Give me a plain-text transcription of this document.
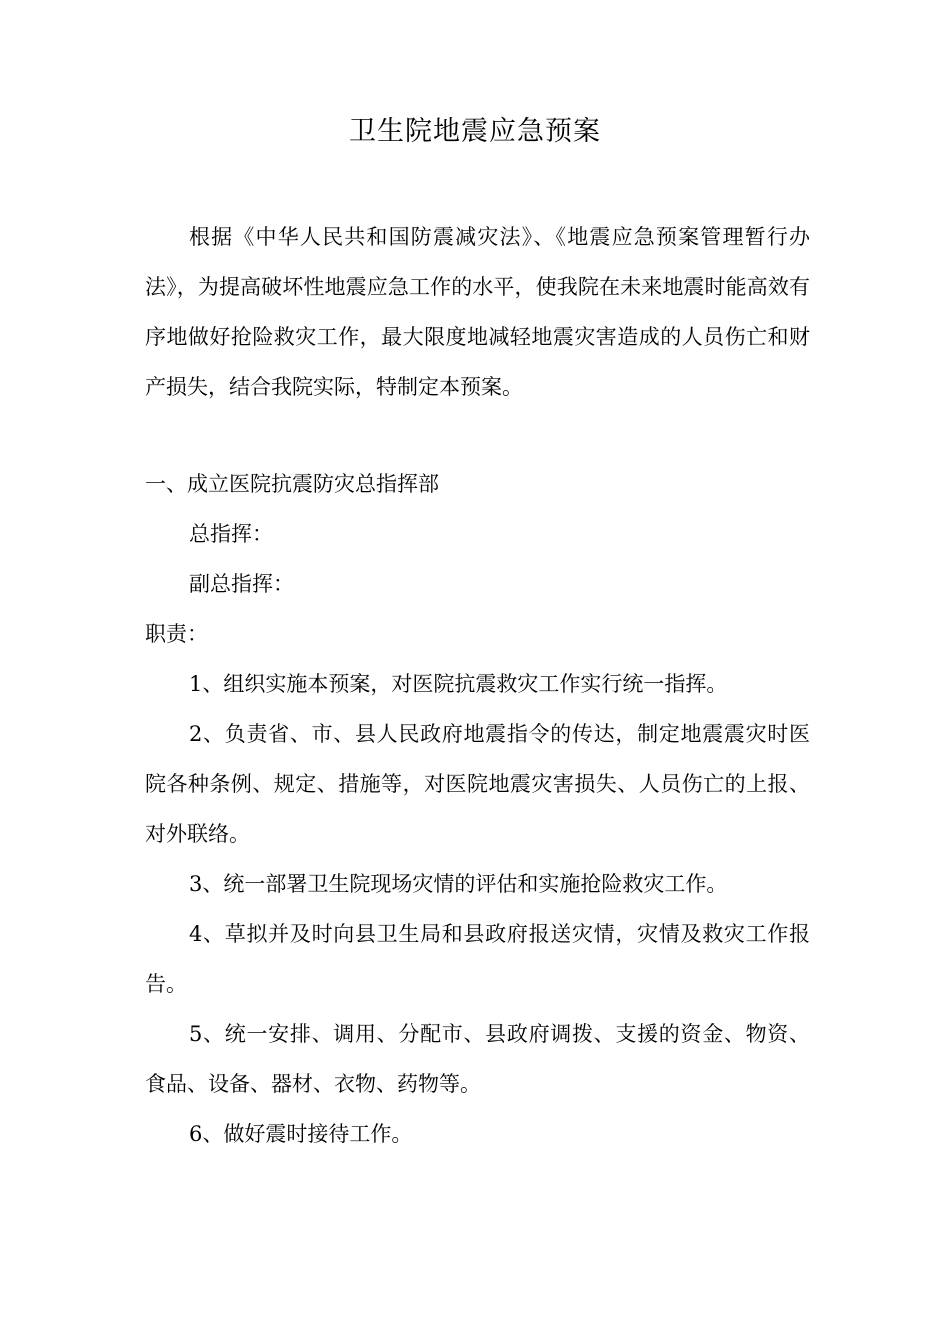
卫生院地震应急预案
根据《中华人民共和国防震减灾法》、《地震应急预案管理暂行办法》，为提高破坏性地震应急工作的水平，使我院在未来地震时能高效有序地做好抢险救灾工作，最大限度地减轻地震灾害造成的人员伤亡和财产损失，结合我院实际，特制定本预案。
一、成立医院抗震防灾总指挥部
总指挥：
副总指挥：
职责：

1、组织实施本预案，对医院抗震救灾工作实行统一指挥。

2、负责省、市、县人民政府地震指令的传达，制定地震震灾时医院各种条例、规定、措施等，对医院地震灾害损失、人员伤亡的上报、对外联络。

3、统一部署卫生院现场灾情的评估和实施抢险救灾工作。

4、草拟并及时向县卫生局和县政府报送灾情，灾情及救灾工作报告。

5、统一安排、调用、分配市、县政府调拨、支援的资金、物资、食品、设备、器材、衣物、药物等。

6、做好震时接待工作。
